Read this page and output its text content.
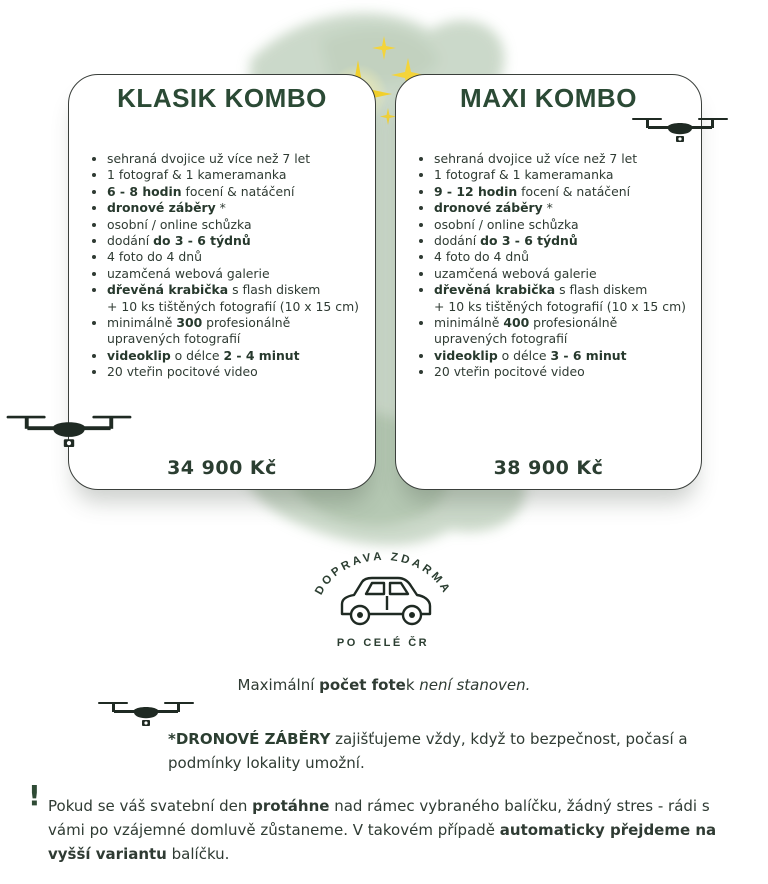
KLASIK KOMBO
• sehraná dvojice už více než 7 let
• 1 fotograf & 1 kameramanka
• 6 - 8 hodin focení & natáčení
• dronové záběry *
• osobní / online schůzka
• dodání do 3 - 6 týdnů
• 4 foto do 4 dnů
• uzamčená webová galerie
• dřevěná krabička s flash diskem
+ 10 ks tištěných fotografií (10 x 15 cm)
• minimálně 300 profesionálně
upravených fotografií
• videoklip o délce 2 - 4 minut
• 20 vteřin pocitové video
34 900 Kč
MAXI KOMBO
• sehraná dvojice už více než 7 let
• 1 fotograf & 1 kameramanka
• 9 - 12 hodin focení & natáčení
• dronové záběry *
• osobní / online schůzka
• dodání do 3 - 6 týdnů
• 4 foto do 4 dnů
• uzamčená webová galerie
• dřevěná krabička s flash diskem
+ 10 ks tištěných fotografií (10 x 15 cm)
• minimálně 400 profesionálně
upravených fotografií
• videoklip o délce 3 - 6 minut
• 20 vteřin pocitové video
38 900 Kč
DOPRAVA ZDARMA
PO CELÉ ČR
Maximální počet fotek není stanoven.
*DRONOVÉ ZÁBĚRY zajišťujeme vždy, když to bezpečnost, počasí a podmínky lokality umožní.
! Pokud se váš svatební den protáhne nad rámec vybraného balíčku, žádný stres - rádi s vámi po vzájemné domluvě zůstaneme. V takovém případě automaticky přejdeme na vyšší variantu balíčku.
